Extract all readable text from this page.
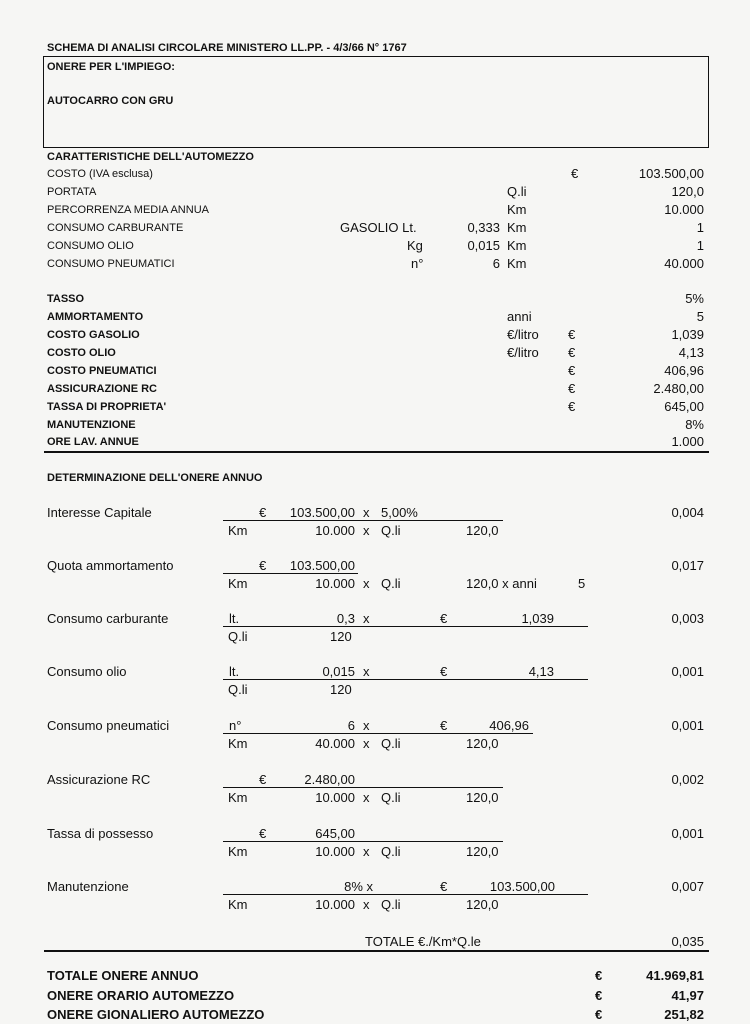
SCHEMA DI ANALISI CIRCOLARE MINISTERO LL.PP. - 4/3/66 N° 1767
ONERE PER L'IMPIEGO:
AUTOCARRO CON GRU
CARATTERISTICHE DELL'AUTOMEZZO
COSTO (IVA esclusa)	€	103.500,00
PORTATA	Q.li	120,0
PERCORRENZA MEDIA ANNUA	Km	10.000
CONSUMO CARBURANTE	GASOLIO Lt.	0,333 Km	1
CONSUMO OLIO	Kg	0,015 Km	1
CONSUMO PNEUMATICI	n°	6 Km	40.000
TASSO	5%
AMMORTAMENTO	anni	5
COSTO GASOLIO	€/litro €	1,039
COSTO OLIO	€/litro €	4,13
COSTO PNEUMATICI	€	406,96
ASSICURAZIONE RC	€	2.480,00
TASSA DI PROPRIETA'	€	645,00
MANUTENZIONE	8%
ORE LAV. ANNUE	1.000
DETERMINAZIONE DELL'ONERE ANNUO
Interesse Capitale	€	103.500,00 x 5,00%
Km	10.000 x Q.li	120,0
0,004
Quota ammortamento	€	103.500,00
Km	10.000 x Q.li	120,0 x anni	5
0,017
Consumo carburante	lt.	0,3 x	€	1,039
Q.li	120
0,003
Consumo olio	lt.	0,015 x	€	4,13
Q.li	120
0,001
Consumo pneumatici	n°	6 x	€	406,96
Km	40.000 x Q.li	120,0
0,001
Assicurazione RC	€	2.480,00
Km	10.000 x Q.li	120,0
0,002
Tassa di possesso	€	645,00
Km	10.000 x Q.li	120,0
0,001
Manutenzione	8% x	€	103.500,00
Km	10.000 x Q.li	120,0
0,007
TOTALE €./Km*Q.le	0,035
TOTALE ONERE ANNUO	€	41.969,81
ONERE ORARIO AUTOMEZZO	€	41,97
ONERE GIONALIERO AUTOMEZZO	€	251,82
